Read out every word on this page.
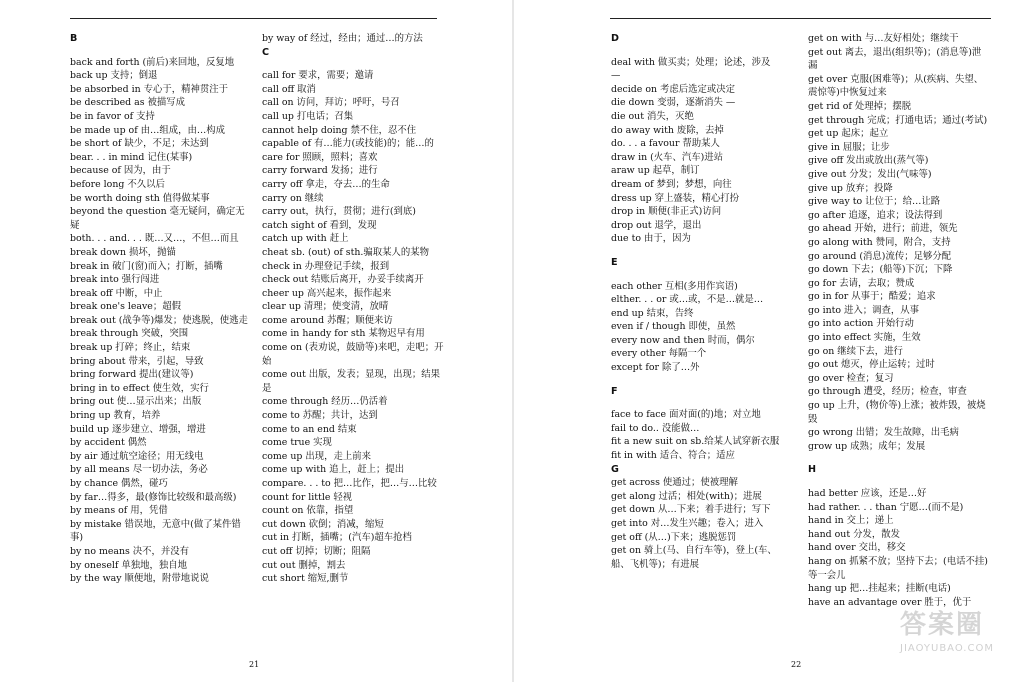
B
back and forth (前后)来回地，反复地
back up 支持；倒退
be absorbed in 专心于，精神贯注于
be described as 被描写成
be in favor of 支持
be made up of 由…组成，由…构成
be short of 缺少，不足；未达到
bear. . . in mind 记住(某事)
because of 因为，由于
before long 不久以后
be worth doing sth 值得做某事
beyond the question 毫无疑问，确定无疑
both. . . and. . . 既…又…，不但…而且
break down 损坏，抛锚
break in 破门(窗)而入；打断，插嘴
break into 强行闯进
break off 中断，中止
break one's leave；超假
break out (战争等)爆发；使逃脱，使逃走
break through 突破，突围
break up 打碎；终止，结束
bring about 带来，引起，导致
bring forward 提出(建议等)
bring in to effect 使生效，实行
bring out 使…显示出来；出版
bring up 教育，培养
build up 逐步建立、增强，增进
by accident 偶然
by air 通过航空途径；用无线电
by all means 尽一切办法，务必
by chance 偶然，碰巧
by far…得多，最(修饰比较级和最高级)
by means of 用，凭借
by mistake 错误地，无意中(做了某件错事)
by no means 决不，并没有
by oneself 单独地，独自地
by the way 顺便地，附带地说说
by way of 经过，经由；通过…的方法
C
call for 要求，需要；邀请
call off 取消
call on 访问，拜访；呼吁，号召
call up 打电话；召集
cannot help doing 禁不住，忍不住
capable of 有…能力(或技能)的；能…的
care for 照顾，照料；喜欢
carry forward 发扬；进行
carry off 拿走，夺去…的生命
carry on 继续
carry out，执行，贯彻；进行(到底)
catch sight of 看到，发现
catch up with 赶上
cheat sb. (out) of sth.骗取某人的某物
check in 办理登记手续，报到
check out 结账后离开，办妥手续离开
cheer up 高兴起来，振作起来
clear up 清理；使变清，放晴
come around 苏醒；顺便来访
come in handy for sth 某物迟早有用
come on (表劝说，鼓励等)来吧，走吧；开始
come out 出版，发表；显现，出现；结果是
come through 经历…仍活着
come to 苏醒；共计，达到
come to an end 结束
come true 实现
come up 出现，走上前来
come up with 追上，赶上；提出
compare. . . to 把…比作，把…与…比较
count for little 轻视
count on 依靠，指望
cut down 砍倒；消减，缩短
cut in 打断，插嘴；(汽车)超车抢档
cut off 切掉；切断；阻隔
cut out 删掉，割去
cut short 缩短,删节
21
D
deal with 做买卖；处理；论述，涉及
—
decide on 考虑后选定或决定
die down 变弱，逐渐消失 —
die out 消失，灭绝
do away with 废除，去掉
do. . . a favour 帮助某人
draw in (火车、汽车)进站
araw up 起草，制订
dream of 梦到；梦想，向往
dress up 穿上盛装，精心打扮
drop in 顺便(非正式)访问
drop out 退学，退出
due to 由于，因为
E
each other 互相(多用作宾语)
elther. . . or 或…或，不是…就是…
end up 结束，告终
even if / though 即使，虽然
every now and then 时而，偶尔
every other 每隔一个
except for 除了…外
F
face to face 面对面(的)地；对立地
fail to do.. 没能做…
fit a new suit on sb.给某人试穿新衣服
fit in with 适合、符合；适应
G
get across 使通过；使被理解
get along 过活；相处(with)；进展
get down 从…下来；着手进行；写下
get into 对…发生兴趣；卷入；进入
get off (从…)下来；逃脱惩罚
get on 骑上(马、自行车等)，登上(车、船、飞机等)；有进展
get on with 与…友好相处；继续干
get out 离去，退出(组织等)；(消息等)泄漏
get over 克服(困难等)；从(疾病、失望、震惊等)中恢复过来
get rid of 处理掉；摆脱
get through 完成；打通电话；通过(考试)
get up 起床；起立
give in 屈服；让步
give off 发出或放出(蒸气等)
give out 分发；发出(气味等)
give up 放弃；投降
give way to 让位于；给…让路
go after 追逐，追求；设法得到
go ahead 开始，进行；前进，领先
go along with 赞同，附合，支持
go around (消息)流传；足够分配
go down 下去；(船等)下沉；下降
go for 去请，去取；赞成
go in for 从事于；酷爱；追求
go into 进入；调查，从事
go into action 开始行动
go into effect 实施，生效
go on 继续下去，进行
go out 熄灭，停止运转；过时
go over 检查；复习
go through 遭受，经历；检查，审查
go up 上升，(物价等)上涨；被炸毁，被烧毁
go wrong 出错；发生故障，出毛病
grow up 成熟；成年；发展
H
had better 应该，还是…好
had rather. . . than 宁愿…(而不是)
hand in 交上；递上
hand out 分发，散发
hand over 交出，移交
hang on 抓紧不放；坚持下去；(电话不挂)等一会儿
hang up 把…挂起来；挂断(电话)
have an advantage over 胜于，优于
22
答案圈
JIAOYUBAO.COM
